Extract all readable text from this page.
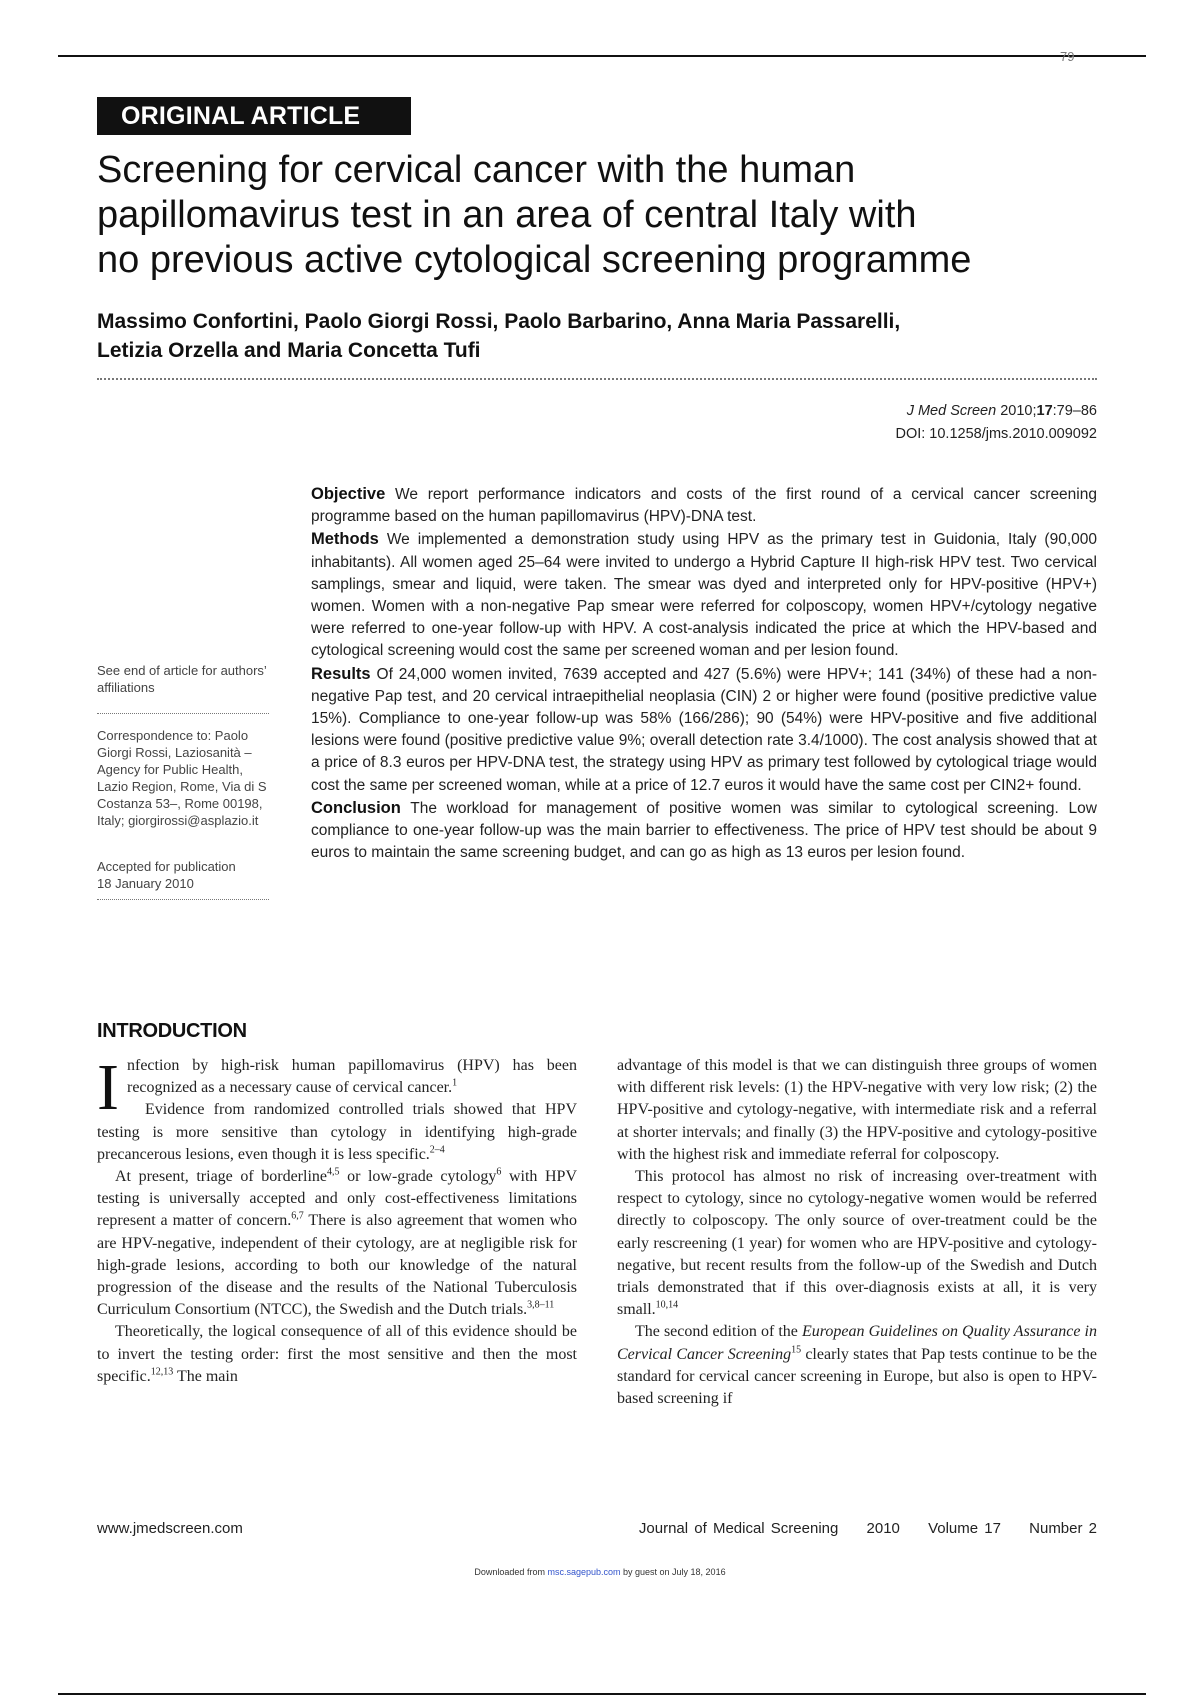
79
ORIGINAL ARTICLE
Screening for cervical cancer with the human
papillomavirus test in an area of central Italy with
no previous active cytological screening programme
Massimo Confortini, Paolo Giorgi Rossi, Paolo Barbarino, Anna Maria Passarelli,
Letizia Orzella and Maria Concetta Tufi
J Med Screen 2010;17:79–86
DOI: 10.1258/jms.2010.009092
See end of article for authors’ affiliations
Correspondence to: Paolo Giorgi Rossi, Laziosanità – Agency for Public Health, Lazio Region, Rome, Via di S Costanza 53–, Rome 00198, Italy; giorgirossi@asplazio.it
Accepted for publication
18 January 2010

Objective We report performance indicators and costs of the first round of a cervical cancer screening programme based on the human papillomavirus (HPV)-DNA test.

Methods We implemented a demonstration study using HPV as the primary test in Guidonia, Italy (90,000 inhabitants). All women aged 25–64 were invited to undergo a Hybrid Capture II high-risk HPV test. Two cervical samplings, smear and liquid, were taken. The smear was dyed and interpreted only for HPV-positive (HPV+) women. Women with a non-negative Pap smear were referred for colposcopy, women HPV+/cytology negative were referred to one-year follow-up with HPV. A cost-analysis indicated the price at which the HPV-based and cytological screening would cost the same per screened woman and per lesion found.

Results Of 24,000 women invited, 7639 accepted and 427 (5.6%) were HPV+; 141 (34%) of these had a non-negative Pap test, and 20 cervical intraepithelial neoplasia (CIN) 2 or higher were found (positive predictive value 15%). Compliance to one-year follow-up was 58% (166/286); 90 (54%) were HPV-positive and five additional lesions were found (positive predictive value 9%; overall detection rate 3.4/1000). The cost analysis showed that at a price of 8.3 euros per HPV-DNA test, the strategy using HPV as primary test followed by cytological triage would cost the same per screened woman, while at a price of 12.7 euros it would have the same cost per CIN2+ found.

Conclusion The workload for management of positive women was similar to cytological screening. Low compliance to one-year follow-up was the main barrier to effectiveness. The price of HPV test should be about 9 euros to maintain the same screening budget, and can go as high as 13 euros per lesion found.

INTRODUCTION

Infection by high-risk human papillomavirus (HPV) has been recognized as a necessary cause of cervical cancer.$^1$

Evidence from randomized controlled trials showed that HPV testing is more sensitive than cytology in identifying high-grade precancerous lesions, even though it is less specific.$^{2-4}$

At present, triage of borderline$^{4,5}$ or low-grade cytology$^6$ with HPV testing is universally accepted and only cost-effectiveness limitations represent a matter of concern.$^{6,7}$ There is also agreement that women who are HPV-negative, independent of their cytology, are at negligible risk for high-grade lesions, according to both our knowledge of the natural progression of the disease and the results of the National Tuberculosis Curriculum Consortium (NTCC), the Swedish and the Dutch trials.$^{3,8-11}$

Theoretically, the logical consequence of all of this evidence should be to invert the testing order: first the most sensitive and then the most specific.$^{12,13}$ The main

advantage of this model is that we can distinguish three groups of women with different risk levels: (1) the HPV-negative with very low risk; (2) the HPV-positive and cytology-negative, with intermediate risk and a referral at shorter intervals; and finally (3) the HPV-positive and cytology-positive with the highest risk and immediate referral for colposcopy.

This protocol has almost no risk of increasing over-treatment with respect to cytology, since no cytology-negative women would be referred directly to colposcopy. The only source of over-treatment could be the early rescreening (1 year) for women who are HPV-positive and cytology-negative, but recent results from the follow-up of the Swedish and Dutch trials demonstrated that if this over-diagnosis exists at all, it is very small.$^{10,14}$

The second edition of the European Guidelines on Quality Assurance in Cervical Cancer Screening$^{15}$ clearly states that Pap tests continue to be the standard for cervical cancer screening in Europe, but also is open to HPV-based screening if

www.jmedscreen.com	Journal of Medical Screening 2010 Volume 17 Number 2
Downloaded from msc.sagepub.com by guest on July 18, 2016
